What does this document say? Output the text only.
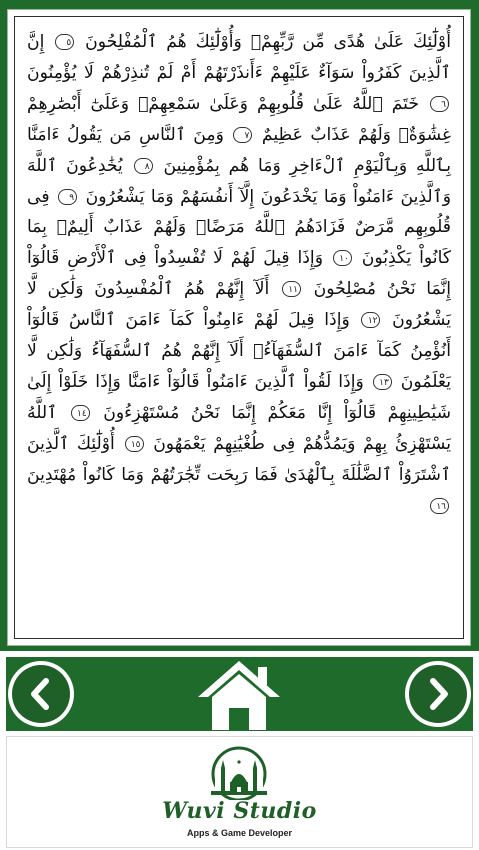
أُوْلَٰٓئِكَ عَلَىٰ هُدًى مِّن رَّبِّهِمْۖ وَأُوْلَٰٓئِكَ هُمُ ٱلْمُفْلِحُونَ ٥ إِنَّ ٱلَّذِينَ كَفَرُواْ سَوَآءٌ عَلَيْهِمْ ءَأَنذَرْتَهُمْ أَمْ لَمْ تُنذِرْهُمْ لَا يُؤْمِنُونَ ٦ خَتَمَ ٱللَّهُ عَلَىٰ قُلُوبِهِمْ وَعَلَىٰ سَمْعِهِمْۖ وَعَلَىٰٓ أَبْصَٰرِهِمْ غِشَٰوَةٌۖ وَلَهُمْ عَذَابٌ عَظِيمٌ ٧ وَمِنَ ٱلنَّاسِ مَن يَقُولُ ءَامَنَّا بِٱللَّهِ وَبِٱلْيَوْمِ ٱلْءَاخِرِ وَمَا هُم بِمُؤْمِنِينَ ٨ يُخَٰدِعُونَ ٱللَّهَ وَٱلَّذِينَ ءَامَنُواْ وَمَا يَخْدَعُونَ إِلَّآ أَنفُسَهُمْ وَمَا يَشْعُرُونَ ٩ فِى قُلُوبِهِم مَّرَضٌ فَزَادَهُمُ ٱللَّهُ مَرَضًاۖ وَلَهُمْ عَذَابٌ أَلِيمٌۢ بِمَا كَانُواْ يَكْذِبُونَ ١٠ وَإِذَا قِيلَ لَهُمْ لَا تُفْسِدُواْ فِى ٱلْأَرْضِ قَالُوٓاْ إِنَّمَا نَحْنُ مُصْلِحُونَ ١١ أَلَآ إِنَّهُمْ هُمُ ٱلْمُفْسِدُونَ وَلَٰكِن لَّا يَشْعُرُونَ ١٢ وَإِذَا قِيلَ لَهُمْ ءَامِنُواْ كَمَآ ءَامَنَ ٱلنَّاسُ قَالُوٓاْ أَنُؤْمِنُ كَمَآ ءَامَنَ ٱلسُّفَهَآءُۗ أَلَآ إِنَّهُمْ هُمُ ٱلسُّفَهَآءُ وَلَٰكِن لَّا يَعْلَمُونَ ١٣ وَإِذَا لَقُواْ ٱلَّذِينَ ءَامَنُواْ قَالُوٓاْ ءَامَنَّا وَإِذَا خَلَوْاْ إِلَىٰ شَيَٰطِينِهِمْ قَالُوٓاْ إِنَّا مَعَكُمْ إِنَّمَا نَحْنُ مُسْتَهْزِءُونَ ١٤ ٱللَّهُ يَسْتَهْزِئُ بِهِمْ وَيَمُدُّهُمْ فِى طُغْيَٰنِهِمْ يَعْمَهُونَ ١٥ أُوْلَٰٓئِكَ ٱلَّذِينَ ٱشْتَرَوُاْ ٱلضَّلَٰلَةَ بِٱلْهُدَىٰ فَمَا رَبِحَت تِّجَٰرَتُهُمْ وَمَا كَانُواْ مُهْتَدِينَ ١٦

Wuvi Studio
Apps & Game Developer
